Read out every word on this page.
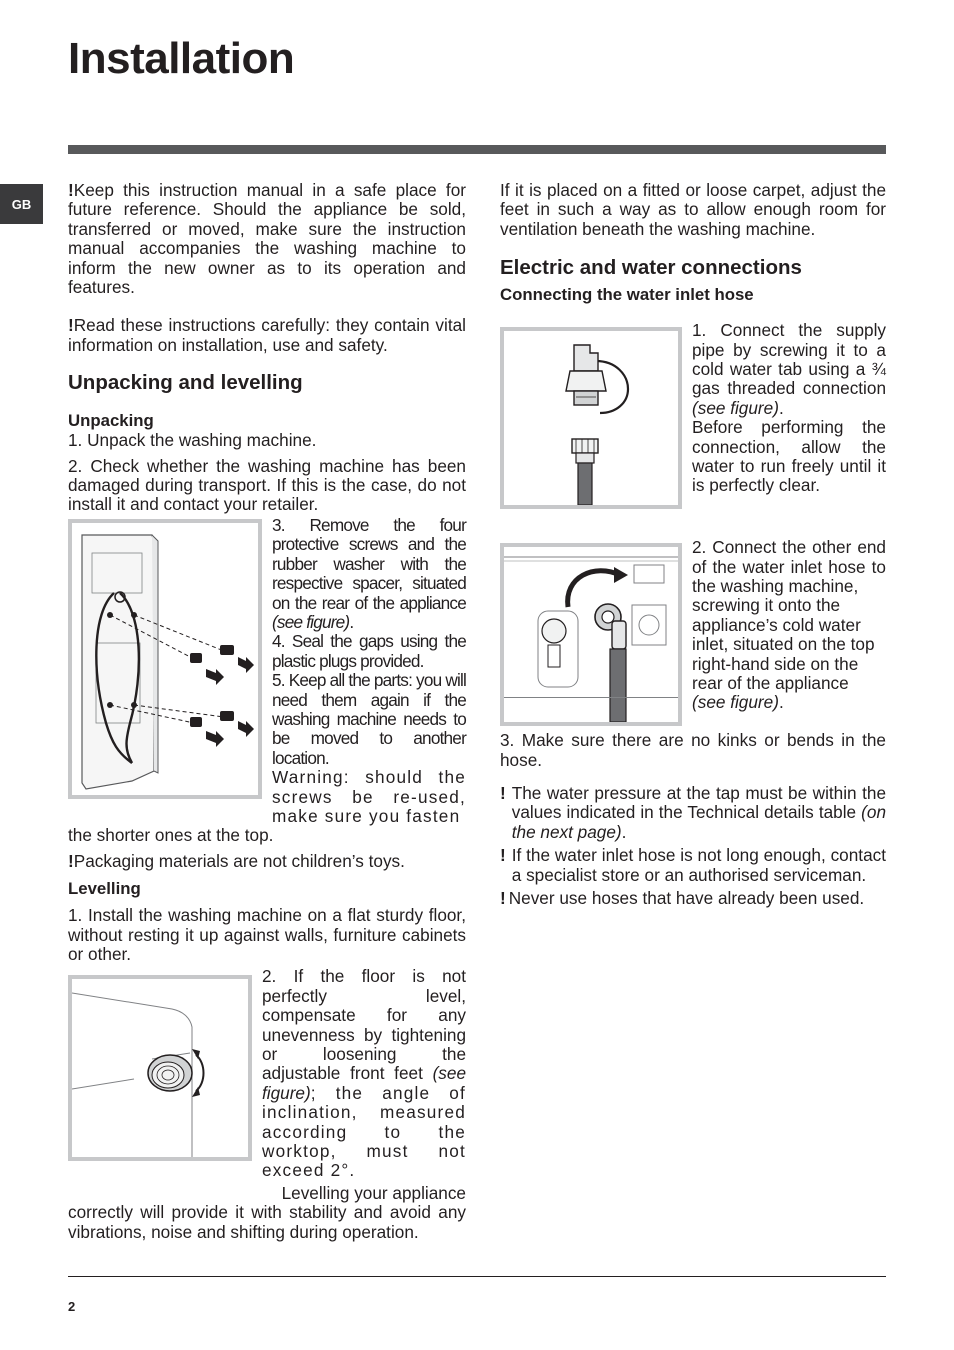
Installation
GB

!Keep this instruction manual in a safe place for future reference. Should the appliance be sold, transferred or moved, make sure the instruction manual accompanies the washing machine to inform the new owner as to its operation and features.

!Read these instructions carefully: they contain vital information on installation, use and safety.

Unpacking and levelling
Unpacking

1. Unpack the washing machine.

2. Check whether the washing machine has been damaged during transport. If this is the case, do not install it and contact your retailer.

3. Remove the four protective screws and the rubber washer with the respective spacer, situated on the rear of the appliance (see figure).

4. Seal the gaps using the plastic plugs provided.

5. Keep all the parts: you will need them again if the washing machine needs to be moved to another location.

Warning: should the screws be re-used, make sure you fasten

the shorter ones at the top.

!Packaging materials are not children’s toys.

Levelling

1. Install the washing machine on a flat sturdy floor, without resting it up against walls, furniture cabinets or other.

2. If the floor is not perfectly level, compensate for any unevenness by tightening or loosening the adjustable front feet (see figure); the angle of inclination, measured according to the worktop, must not exceed 2°.

Levelling your appliance

correctly will provide it with stability and avoid any vibrations, noise and shifting during operation.

If it is placed on a fitted or loose carpet, adjust the feet in such a way as to allow enough room for ventilation beneath the washing machine.

Electric and water connections
Connecting the water inlet hose

1. Connect the supply pipe by screwing it to a cold water tab using a ¾ gas threaded connection (see figure).

Before performing the connection, allow the water to run freely until it is perfectly clear.

2. Connect the other end of the water inlet hose to the washing machine,

screwing it onto the appliance’s cold water inlet, situated on the top right-hand side on the rear of the appliance (see figure).

3. Make sure there are no kinks or bends in the hose.

! The water pressure at the tap must be within the values indicated in the Technical details table (on the next page).
! If the water inlet hose is not long enough, contact a specialist store or an authorised serviceman.
! Never use hoses that have already been used.
2
